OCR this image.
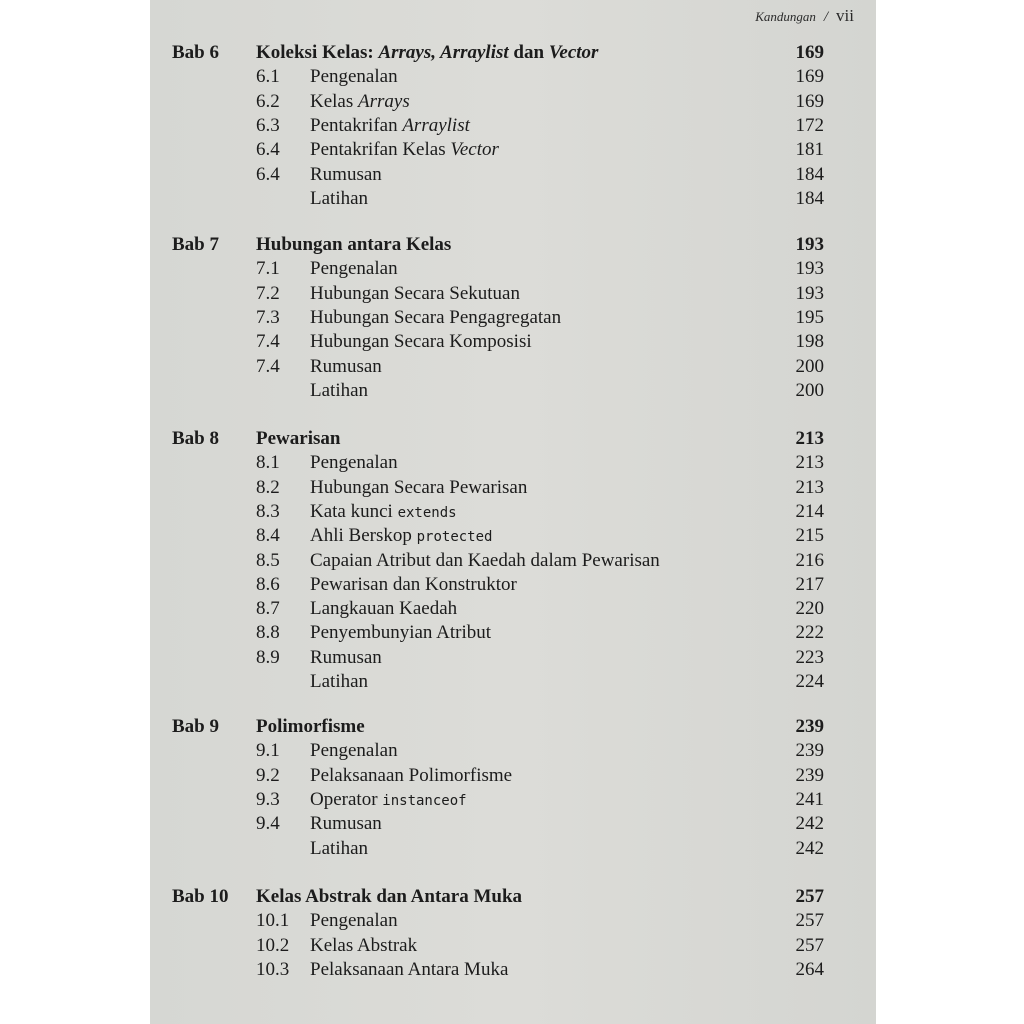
Kandungan / vii
Bab 6 Koleksi Kelas: Arrays, Arraylist dan Vector	169
6.1 Pengenalan	169
6.2 Kelas Arrays	169
6.3 Pentakrifan Arraylist	172
6.4 Pentakrifan Kelas Vector	181
6.4 Rumusan	184
Latihan	184
Bab 7 Hubungan antara Kelas	193
7.1 Pengenalan	193
7.2 Hubungan Secara Sekutuan	193
7.3 Hubungan Secara Pengagregatan	195
7.4 Hubungan Secara Komposisi	198
7.4 Rumusan	200
Latihan	200
Bab 8 Pewarisan	213
8.1 Pengenalan	213
8.2 Hubungan Secara Pewarisan	213
8.3 Kata kunci extends	214
8.4 Ahli Berskop protected	215
8.5 Capaian Atribut dan Kaedah dalam Pewarisan	216
8.6 Pewarisan dan Konstruktor	217
8.7 Langkauan Kaedah	220
8.8 Penyembunyian Atribut	222
8.9 Rumusan	223
Latihan	224
Bab 9 Polimorfisme	239
9.1 Pengenalan	239
9.2 Pelaksanaan Polimorfisme	239
9.3 Operator instanceof	241
9.4 Rumusan	242
Latihan	242
Bab 10 Kelas Abstrak dan Antara Muka	257
10.1 Pengenalan	257
10.2 Kelas Abstrak	257
10.3 Pelaksanaan Antara Muka	264
